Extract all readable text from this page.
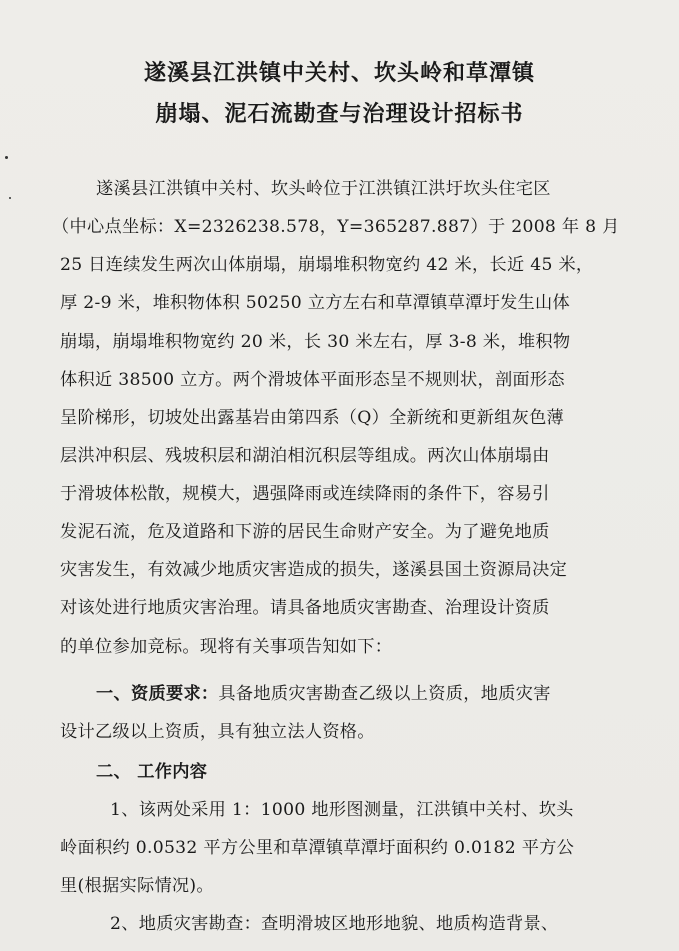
遂溪县江洪镇中关村、坎头岭和草潭镇
崩塌、泥石流勘查与治理设计招标书
遂溪县江洪镇中关村、坎头岭位于江洪镇江洪圩坎头住宅区
（中心点坐标：X=2326238.578，Y=365287.887）于 2008 年 8 月
25 日连续发生两次山体崩塌，崩塌堆积物宽约 42 米，长近 45 米，
厚 2-9 米，堆积物体积 50250 立方左右和草潭镇草潭圩发生山体
崩塌，崩塌堆积物宽约 20 米，长 30 米左右，厚 3-8 米，堆积物
体积近 38500 立方。两个滑坡体平面形态呈不规则状，剖面形态
呈阶梯形，切坡处出露基岩由第四系（Q）全新统和更新组灰色薄
层洪冲积层、残坡积层和湖泊相沉积层等组成。两次山体崩塌由
于滑坡体松散，规模大，遇强降雨或连续降雨的条件下，容易引
发泥石流，危及道路和下游的居民生命财产安全。为了避免地质
灾害发生，有效减少地质灾害造成的损失，遂溪县国土资源局决定
对该处进行地质灾害治理。请具备地质灾害勘查、治理设计资质
的单位参加竞标。现将有关事项告知如下：
一、资质要求：具备地质灾害勘查乙级以上资质，地质灾害
设计乙级以上资质，具有独立法人资格。
二、 工作内容
1、该两处采用 1：1000 地形图测量，江洪镇中关村、坎头
岭面积约 0.0532 平方公里和草潭镇草潭圩面积约 0.0182 平方公
里(根据实际情况)。
2、地质灾害勘查：查明滑坡区地形地貌、地质构造背景、
